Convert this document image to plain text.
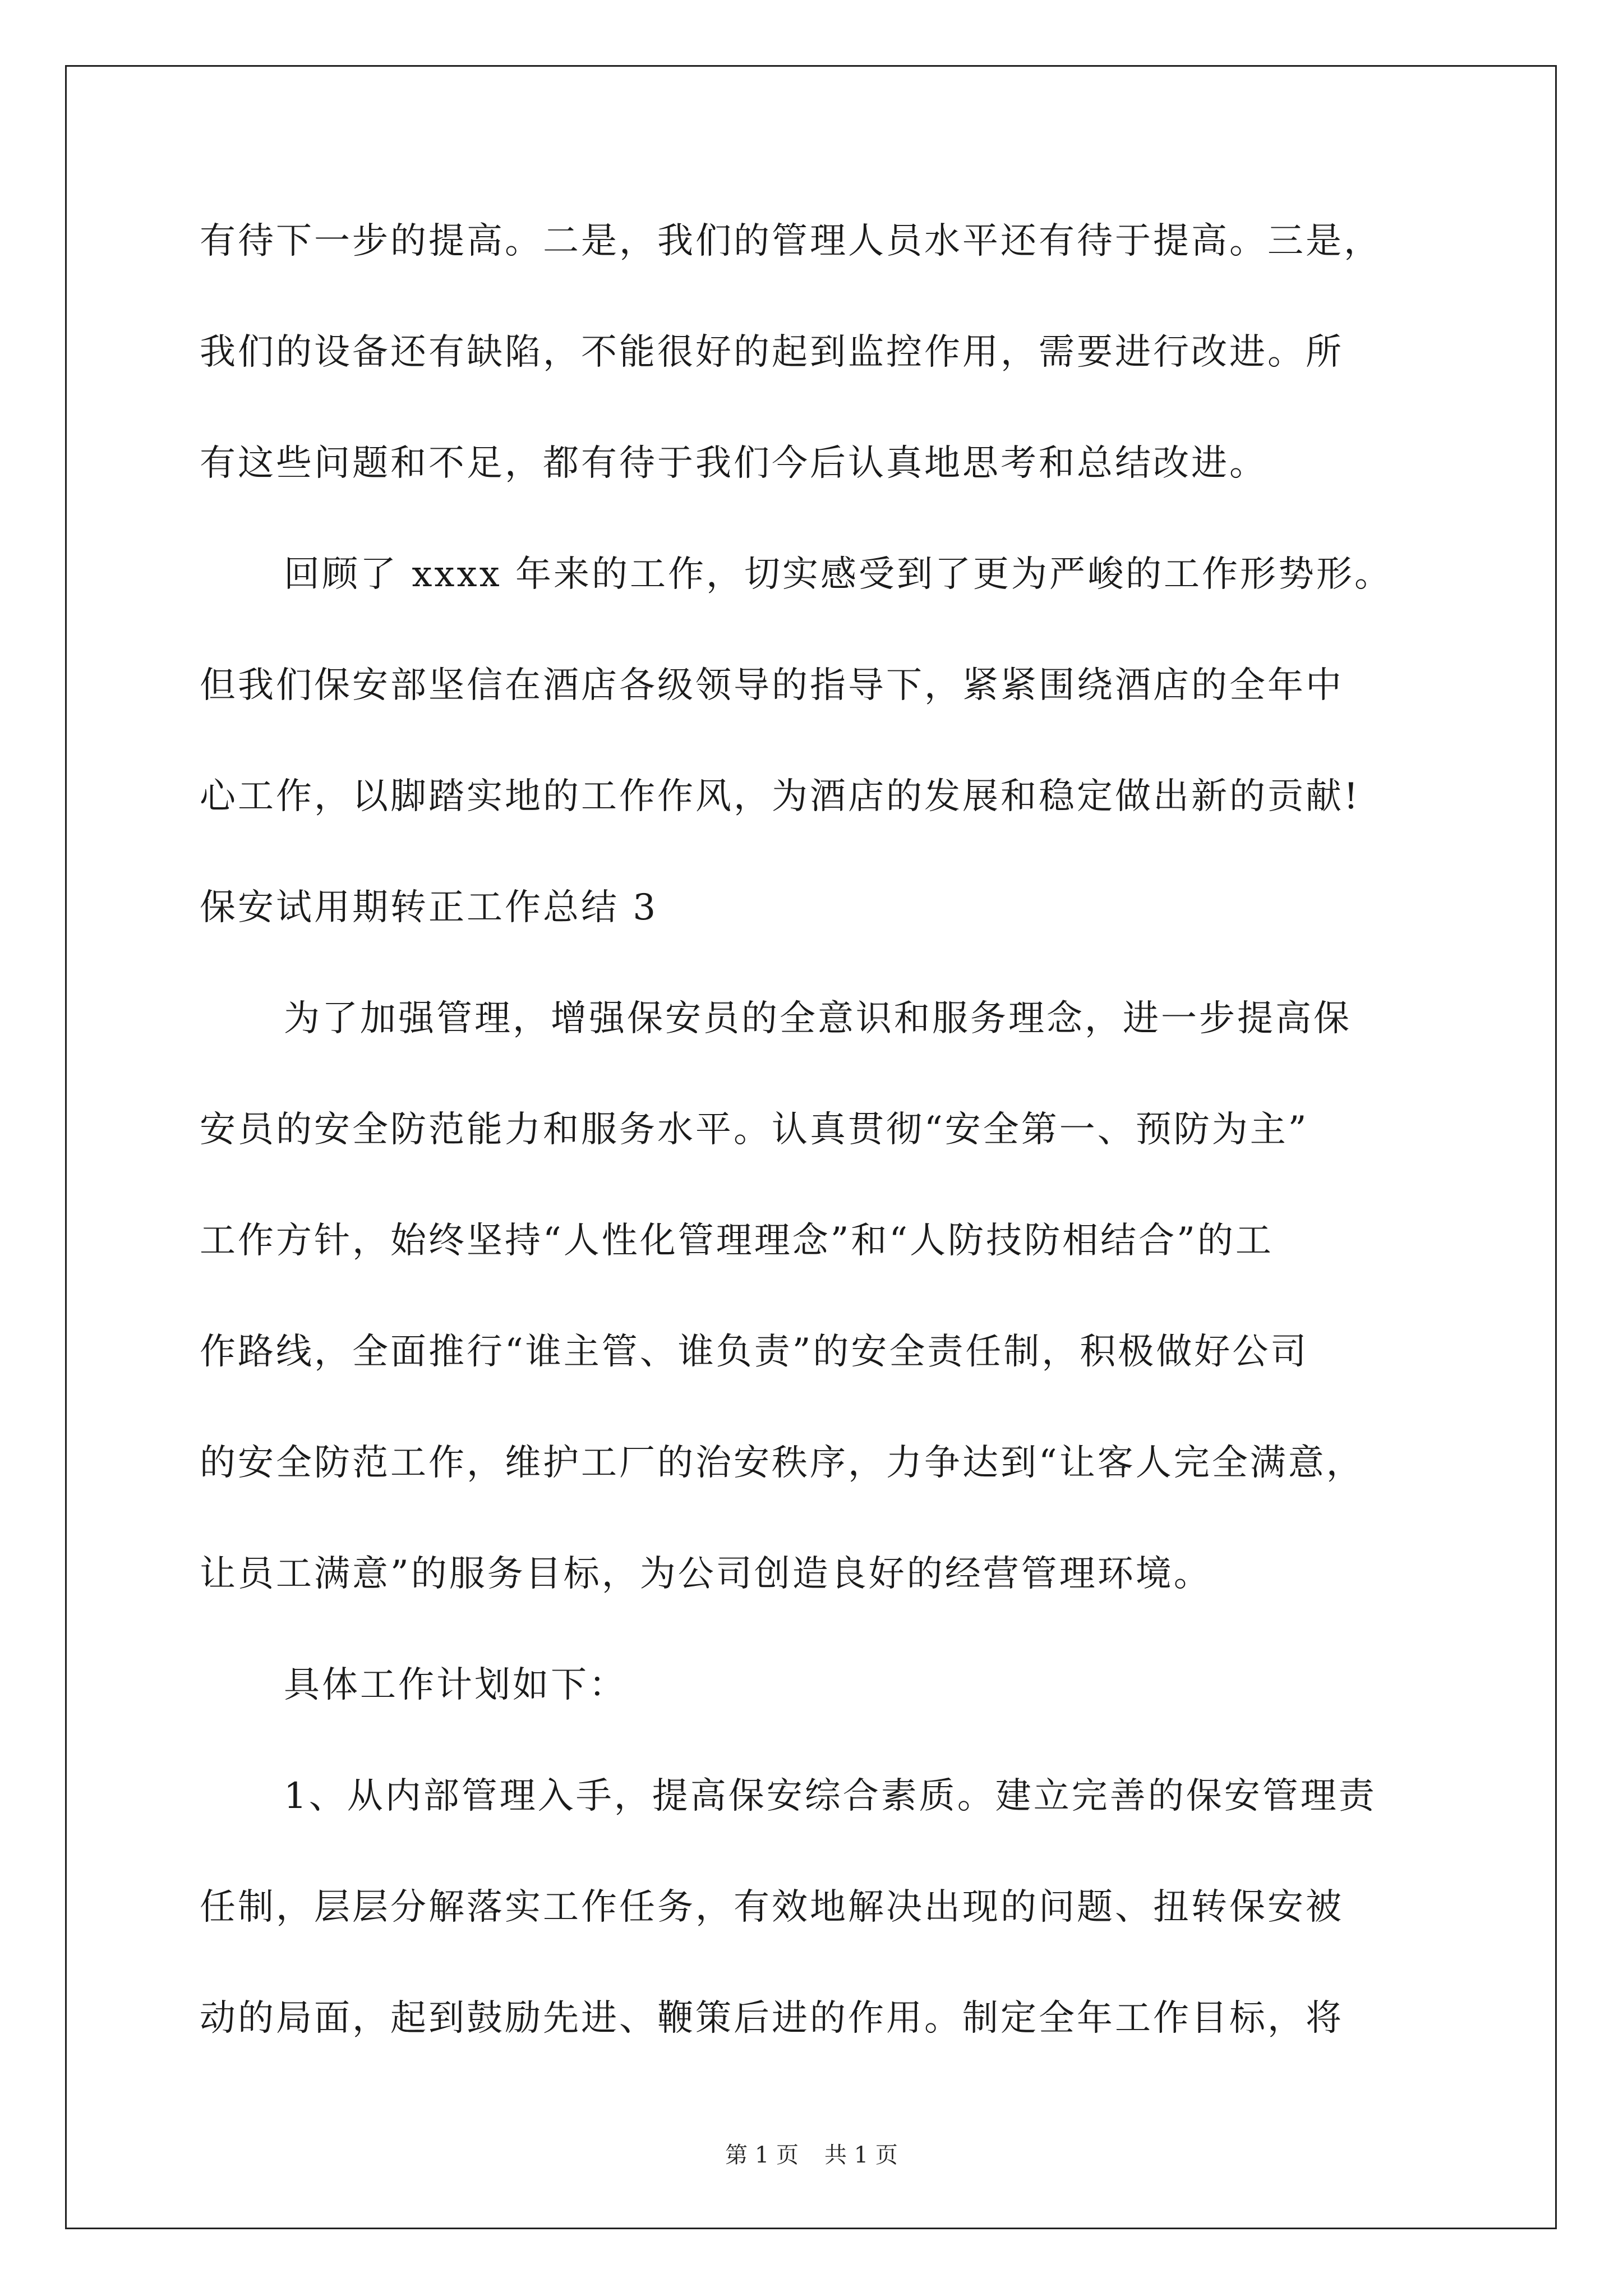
有待下一步的提高。二是，我们的管理人员水平还有待于提高。三是，
我们的设备还有缺陷，不能很好的起到监控作用，需要进行改进。所
有这些问题和不足，都有待于我们今后认真地思考和总结改进。
回顾了 xxxx 年来的工作，切实感受到了更为严峻的工作形势形。
但我们保安部坚信在酒店各级领导的指导下，紧紧围绕酒店的全年中
心工作，以脚踏实地的工作作风，为酒店的发展和稳定做出新的贡献!
保安试用期转正工作总结 3
为了加强管理，增强保安员的全意识和服务理念，进一步提高保
安员的安全防范能力和服务水平。认真贯彻“安全第一、预防为主”
工作方针，始终坚持“人性化管理理念”和“人防技防相结合”的工
作路线，全面推行“谁主管、谁负责”的安全责任制，积极做好公司
的安全防范工作，维护工厂的治安秩序，力争达到“让客人完全满意，
让员工满意”的服务目标，为公司创造良好的经营管理环境。
具体工作计划如下：
1、从内部管理入手，提高保安综合素质。建立完善的保安管理责
任制，层层分解落实工作任务，有效地解决出现的问题、扭转保安被
动的局面，起到鼓励先进、鞭策后进的作用。制定全年工作目标，将
第 1 页 共 1 页
